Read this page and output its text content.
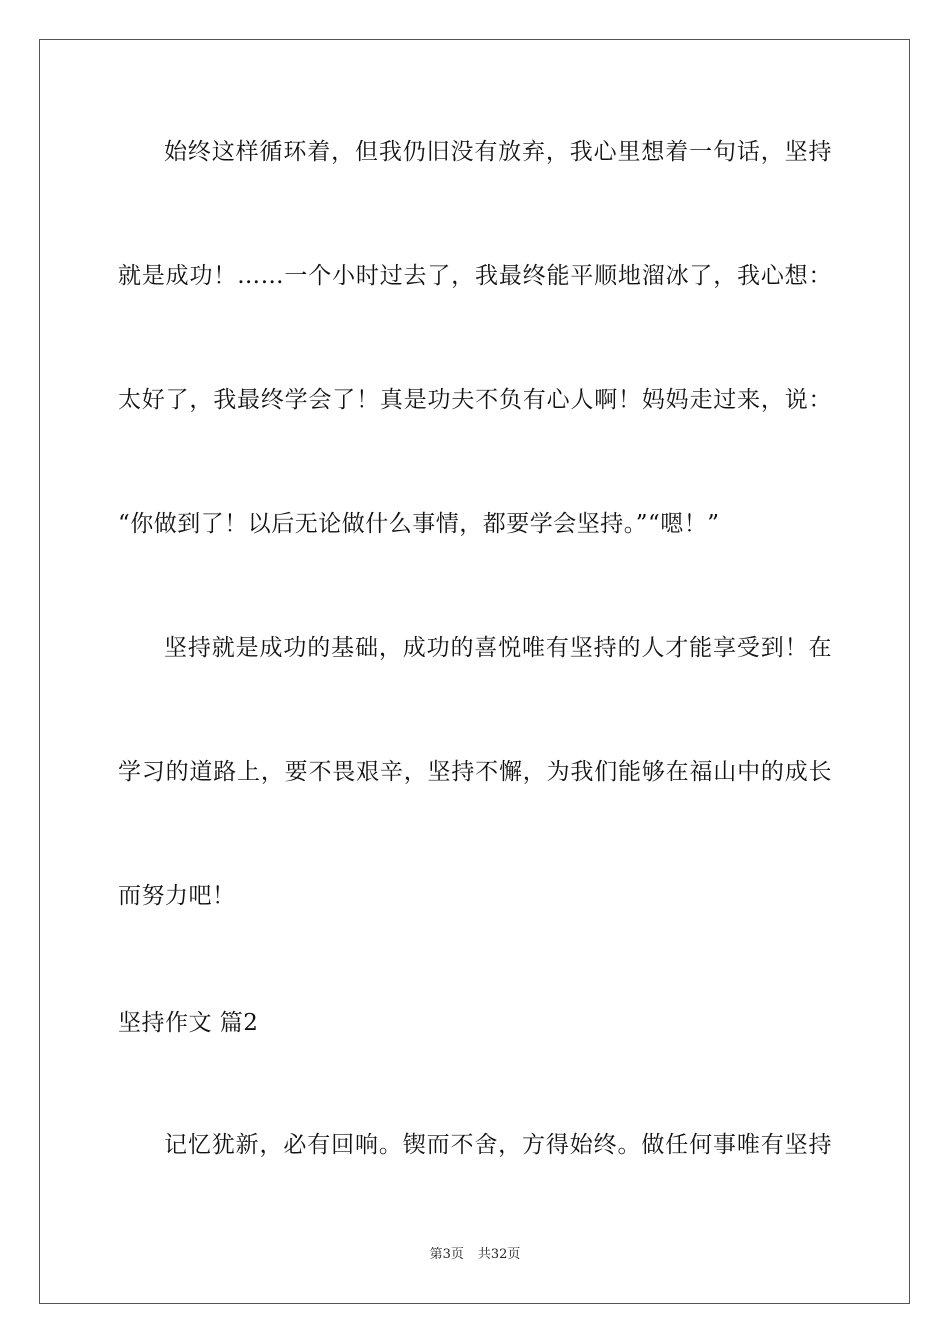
始终这样循环着，但我仍旧没有放弃，我心里想着一句话，坚持
就是成功！……一个小时过去了，我最终能平顺地溜冰了，我心想：
太好了，我最终学会了！真是功夫不负有心人啊！妈妈走过来，说：
“你做到了！以后无论做什么事情，都要学会坚持。”“嗯！”
坚持就是成功的基础，成功的喜悦唯有坚持的人才能享受到！在
学习的道路上，要不畏艰辛，坚持不懈，为我们能够在福山中的成长
而努力吧！
坚持作文 篇2
记忆犹新，必有回响。锲而不舍，方得始终。做任何事唯有坚持
第3页 共32页
